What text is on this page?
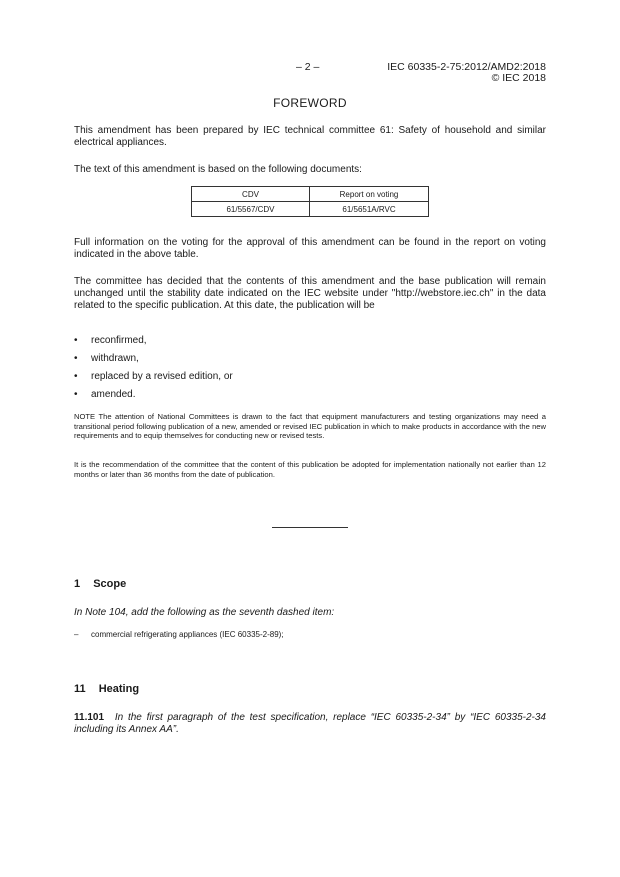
– 2 –	IEC 60335-2-75:2012/AMD2:2018
© IEC 2018
FOREWORD
This amendment has been prepared by IEC technical committee 61: Safety of household and similar electrical appliances.
The text of this amendment is based on the following documents:
CDV	Report on voting
61/5567/CDV	61/5651A/RVC
Full information on the voting for the approval of this amendment can be found in the report on voting indicated in the above table.
The committee has decided that the contents of this amendment and the base publication will remain unchanged until the stability date indicated on the IEC website under "http://webstore.iec.ch" in the data related to the specific publication. At this date, the publication will be
• reconfirmed,
• withdrawn,
• replaced by a revised edition, or
• amended.
NOTE The attention of National Committees is drawn to the fact that equipment manufacturers and testing organizations may need a transitional period following publication of a new, amended or revised IEC publication in which to make products in accordance with the new requirements and to equip themselves for conducting new or revised tests.
It is the recommendation of the committee that the content of this publication be adopted for implementation nationally not earlier than 12 months or later than 36 months from the date of publication.
1 Scope
In Note 104, add the following as the seventh dashed item:
– commercial refrigerating appliances (IEC 60335-2-89);
11 Heating
11.101 In the first paragraph of the test specification, replace “IEC 60335-2-34” by “IEC 60335-2-34 including its Annex AA”.
